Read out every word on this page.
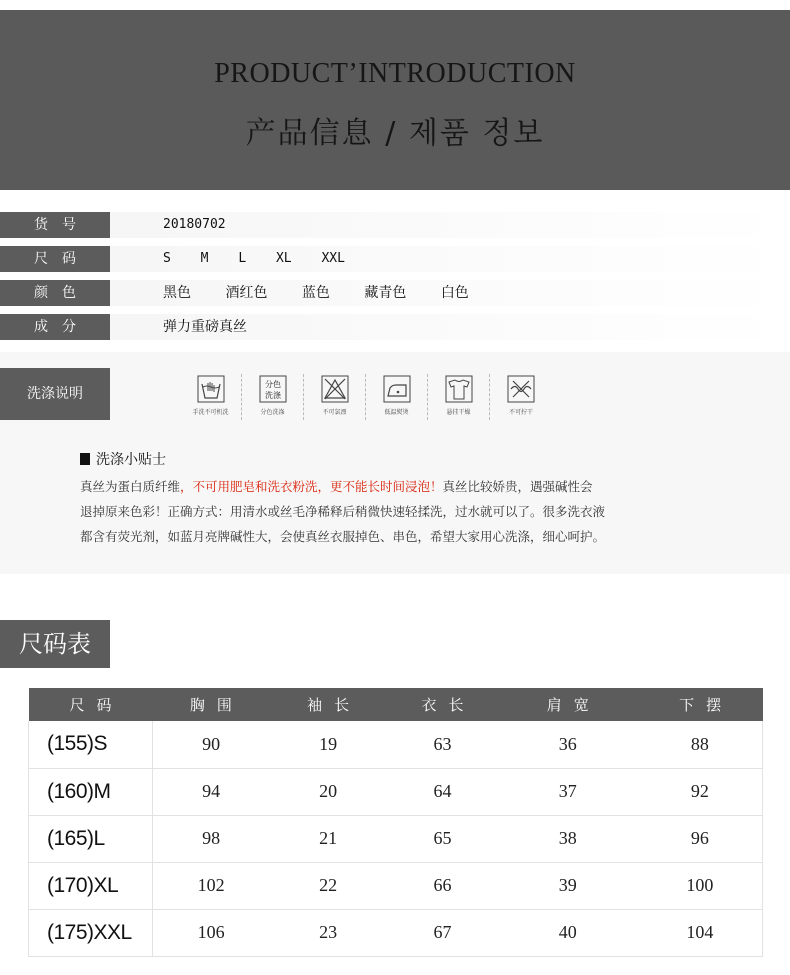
PRODUCT’INTRODUCTION
产品信息 / 제품 정보
货号	20180702
尺码	S M L XL XXL
颜色	黑色 酒红色 蓝色 藏青色 白色
成分	弹力重磅真丝
洗涤说明
手洗不可机洗
分色
洗涤
分色洗涤	不可氯漂	低温熨烫	悬挂干燥	不可拧干
洗涤小贴士
真丝为蛋白质纤维，不可用肥皂和洗衣粉洗，更不能长时间浸泡！真丝比较娇贵，遇强碱性会
退掉原来色彩！正确方式：用清水或丝毛净稀释后稍微快速轻揉洗，过水就可以了。很多洗衣液
都含有荧光剂，如蓝月亮牌碱性大，会使真丝衣服掉色、串色，希望大家用心洗涤，细心呵护。
尺码表
尺码	胸围	袖长	衣长	肩宽	下摆
(155)S	90	19	63	36	88
(160)M	94	20	64	37	92
(165)L	98	21	65	38	96
(170)XL	102	22	66	39	100
(175)XXL	106	23	67	40	104
